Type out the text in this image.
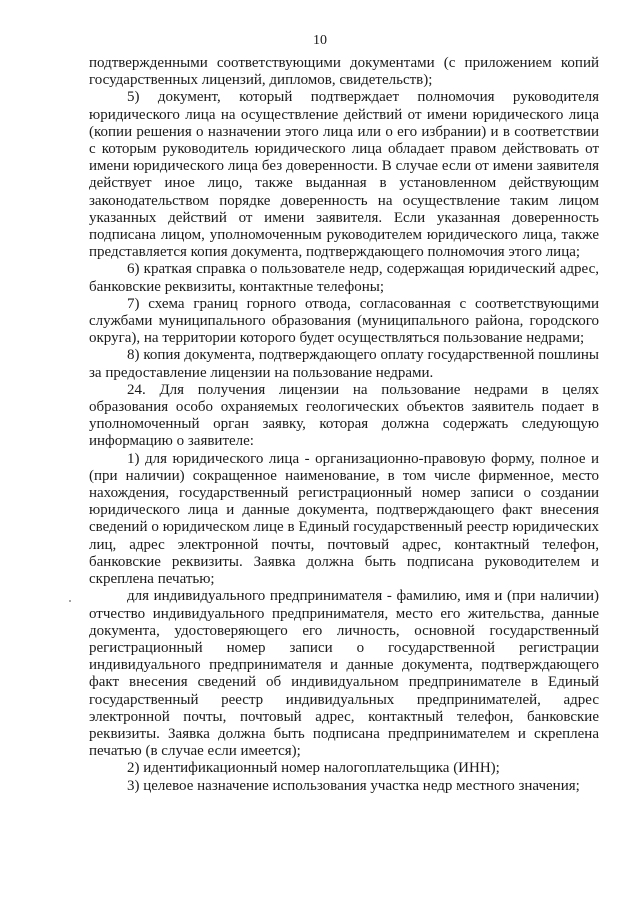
10

подтвержденными соответствующими документами (с приложением копий государственных лицензий, дипломов, свидетельств);

5) документ, который подтверждает полномочия руководителя юридического лица на осуществление действий от имени юридического лица (копии решения о назначении этого лица или о его избрании) и в соответствии с которым руководитель юридического лица обладает правом действовать от имени юридического лица без доверенности. В случае если от имени заявителя действует иное лицо, также выданная в установленном действующим законодательством порядке доверенность на осуществление таким лицом указанных действий от имени заявителя. Если указанная доверенность подписана лицом, уполномоченным руководителем юридического лица, также представляется копия документа, подтверждающего полномочия этого лица;

6) краткая справка о пользователе недр, содержащая юридический адрес, банковские реквизиты, контактные телефоны;

7) схема границ горного отвода, согласованная с соответствующими службами муниципального образования (муниципального района, городского округа), на территории которого будет осуществляться пользование недрами;

8) копия документа, подтверждающего оплату государственной пошлины за предоставление лицензии на пользование недрами.

24. Для получения лицензии на пользование недрами в целях образования особо охраняемых геологических объектов заявитель подает в уполномоченный орган заявку, которая должна содержать следующую информацию о заявителе:

1) для юридического лица - организационно-правовую форму, полное и (при наличии) сокращенное наименование, в том числе фирменное, место нахождения, государственный регистрационный номер записи о создании юридического лица и данные документа, подтверждающего факт внесения сведений о юридическом лице в Единый государственный реестр юридических лиц, адрес электронной почты, почтовый адрес, контактный телефон, банковские реквизиты. Заявка должна быть подписана руководителем и скреплена печатью;

для индивидуального предпринимателя - фамилию, имя и (при наличии) отчество индивидуального предпринимателя, место его жительства, данные документа, удостоверяющего его личность, основной государственный регистрационный номер записи о государственной регистрации индивидуального предпринимателя и данные документа, подтверждающего факт внесения сведений об индивидуальном предпринимателе в Единый государственный реестр индивидуальных предпринимателей, адрес электронной почты, почтовый адрес, контактный телефон, банковские реквизиты. Заявка должна быть подписана предпринимателем и скреплена печатью (в случае если имеется);

2) идентификационный номер налогоплательщика (ИНН);

3) целевое назначение использования участка недр местного значения;
